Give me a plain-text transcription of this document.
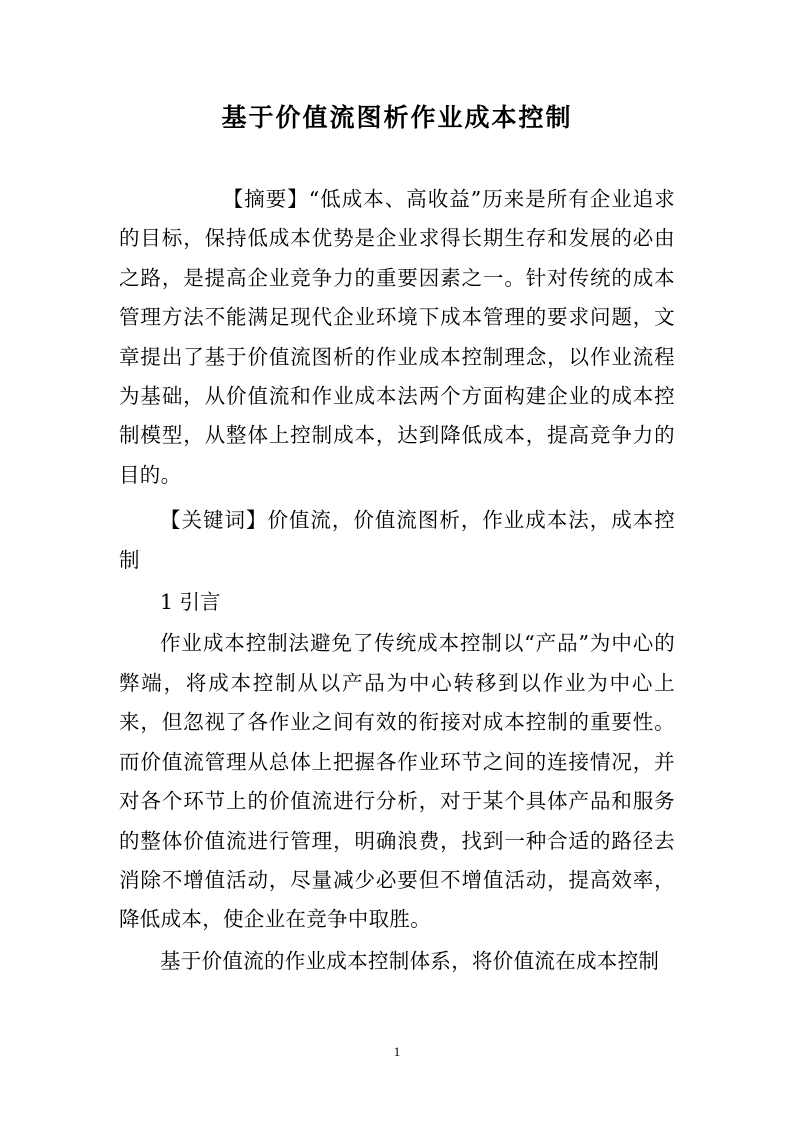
基于价值流图析作业成本控制

【摘要】“低成本、高收益”历来是所有企业追求的目标，保持低成本优势是企业求得长期生存和发展的必由之路，是提高企业竞争力的重要因素之一。针对传统的成本管理方法不能满足现代企业环境下成本管理的要求问题，文章提出了基于价值流图析的作业成本控制理念，以作业流程为基础，从价值流和作业成本法两个方面构建企业的成本控制模型，从整体上控制成本，达到降低成本，提高竞争力的目的。

【关键词】价值流，价值流图析，作业成本法，成本控制

1 引言

作业成本控制法避免了传统成本控制以“产品”为中心的弊端，将成本控制从以产品为中心转移到以作业为中心上来，但忽视了各作业之间有效的衔接对成本控制的重要性。而价值流管理从总体上把握各作业环节之间的连接情况，并对各个环节上的价值流进行分析，对于某个具体产品和服务的整体价值流进行管理，明确浪费，找到一种合适的路径去消除不增值活动，尽量减少必要但不增值活动，提高效率，降低成本，使企业在竞争中取胜。

基于价值流的作业成本控制体系，将价值流在成本控制

1
